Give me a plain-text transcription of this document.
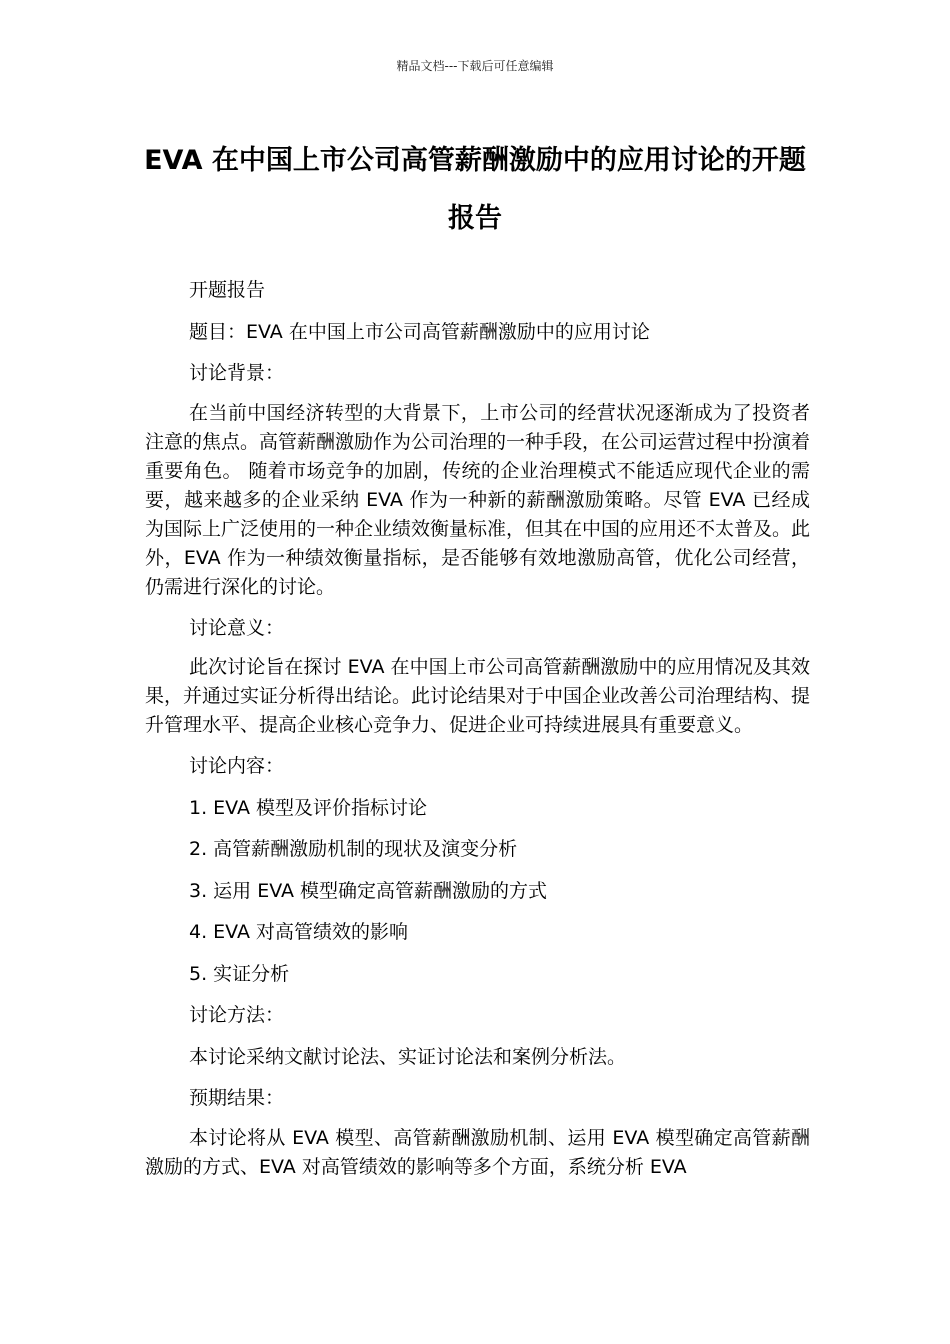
精品文档---下载后可任意编辑
EVA 在中国上市公司高管薪酬激励中的应用讨论的开题报告

开题报告

题目：EVA 在中国上市公司高管薪酬激励中的应用讨论

讨论背景：

在当前中国经济转型的大背景下，上市公司的经营状况逐渐成为了投资者注意的焦点。高管薪酬激励作为公司治理的一种手段，在公司运营过程中扮演着重要角色。 随着市场竞争的加剧，传统的企业治理模式不能适应现代企业的需要，越来越多的企业采纳 EVA 作为一种新的薪酬激励策略。尽管 EVA 已经成为国际上广泛使用的一种企业绩效衡量标准，但其在中国的应用还不太普及。此外，EVA 作为一种绩效衡量指标，是否能够有效地激励高管，优化公司经营，仍需进行深化的讨论。

讨论意义：

此次讨论旨在探讨 EVA 在中国上市公司高管薪酬激励中的应用情况及其效果，并通过实证分析得出结论。此讨论结果对于中国企业改善公司治理结构、提升管理水平、提高企业核心竞争力、促进企业可持续进展具有重要意义。

讨论内容：

1. EVA 模型及评价指标讨论

2. 高管薪酬激励机制的现状及演变分析

3. 运用 EVA 模型确定高管薪酬激励的方式

4. EVA 对高管绩效的影响

5. 实证分析

讨论方法：

本讨论采纳文献讨论法、实证讨论法和案例分析法。

预期结果：

本讨论将从 EVA 模型、高管薪酬激励机制、运用 EVA 模型确定高管薪酬激励的方式、EVA 对高管绩效的影响等多个方面，系统分析 EVA
